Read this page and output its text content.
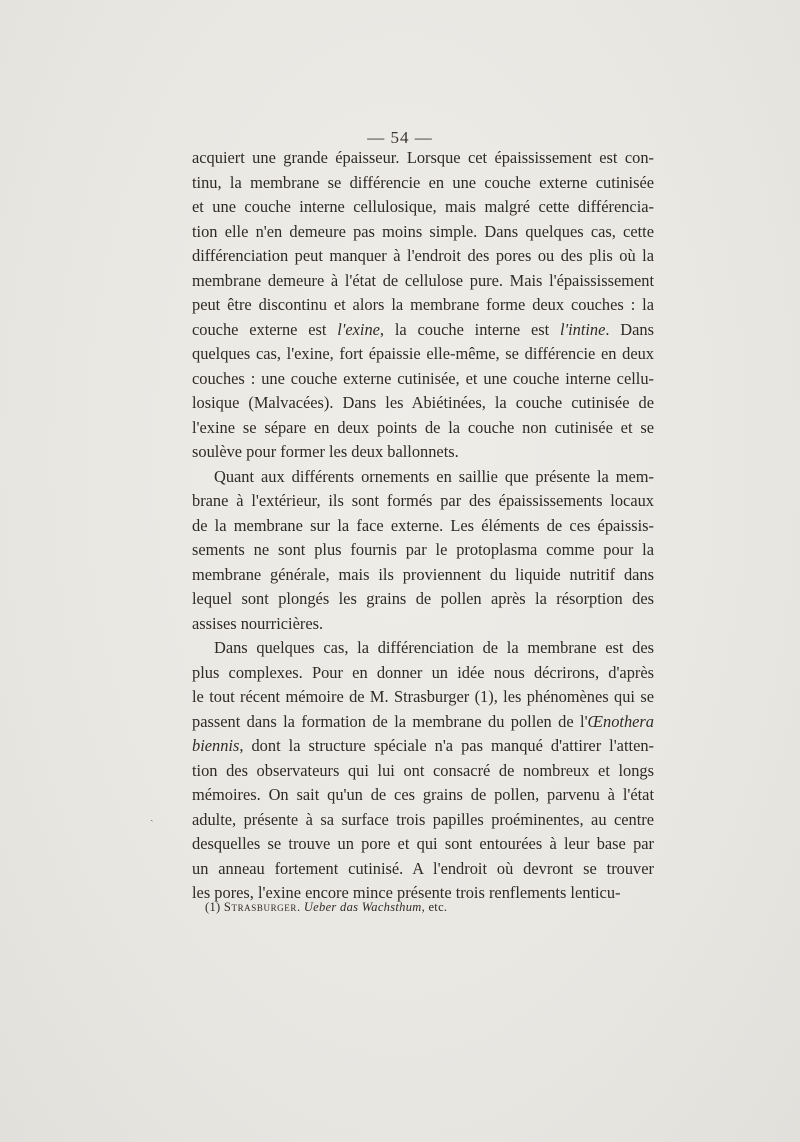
— 54 —
acquiert une grande épaisseur. Lorsque cet épaississement est con-
tinu, la membrane se différencie en une couche externe cutinisée
et une couche interne cellulosique, mais malgré cette différencia-
tion elle n'en demeure pas moins simple. Dans quelques cas, cette
différenciation peut manquer à l'endroit des pores ou des plis où la
membrane demeure à l'état de cellulose pure. Mais l'épaississement
peut être discontinu et alors la membrane forme deux couches : la
couche externe est l'exine, la couche interne est l'intine. Dans
quelques cas, l'exine, fort épaissie elle-même, se différencie en deux
couches : une couche externe cutinisée, et une couche interne cellu-
losique (Malvacées). Dans les Abiétinées, la couche cutinisée de
l'exine se sépare en deux points de la couche non cutinisée et se
soulève pour former les deux ballonnets.
Quant aux différents ornements en saillie que présente la mem-
brane à l'extérieur, ils sont formés par des épaississements locaux
de la membrane sur la face externe. Les éléments de ces épaissis-
sements ne sont plus fournis par le protoplasma comme pour la
membrane générale, mais ils proviennent du liquide nutritif dans
lequel sont plongés les grains de pollen après la résorption des
assises nourricières.
Dans quelques cas, la différenciation de la membrane est des
plus complexes. Pour en donner un idée nous décrirons, d'après
le tout récent mémoire de M. Strasburger (1), les phénomènes qui se
passent dans la formation de la membrane du pollen de l'Œnothera
biennis, dont la structure spéciale n'a pas manqué d'attirer l'atten-
tion des observateurs qui lui ont consacré de nombreux et longs
mémoires. On sait qu'un de ces grains de pollen, parvenu à l'état
adulte, présente à sa surface trois papilles proéminentes, au centre
desquelles se trouve un pore et qui sont entourées à leur base par
un anneau fortement cutinisé. A l'endroit où devront se trouver
les pores, l'exine encore mince présente trois renflements lenticu-
ˎ
(1) Strasburger. Ueber das Wachsthum, etc.
